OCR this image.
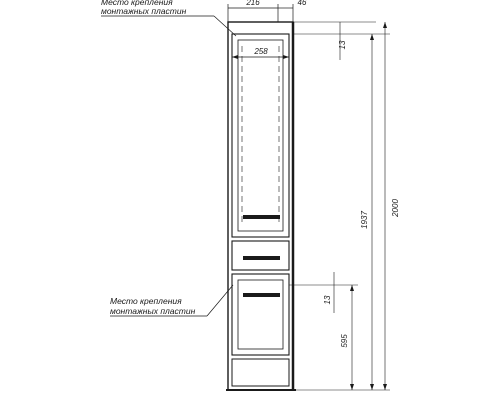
216	46
258
Место крепления
монтажных пластин
Место крепления
монтажных пластин
13
13
595
1937
2000
